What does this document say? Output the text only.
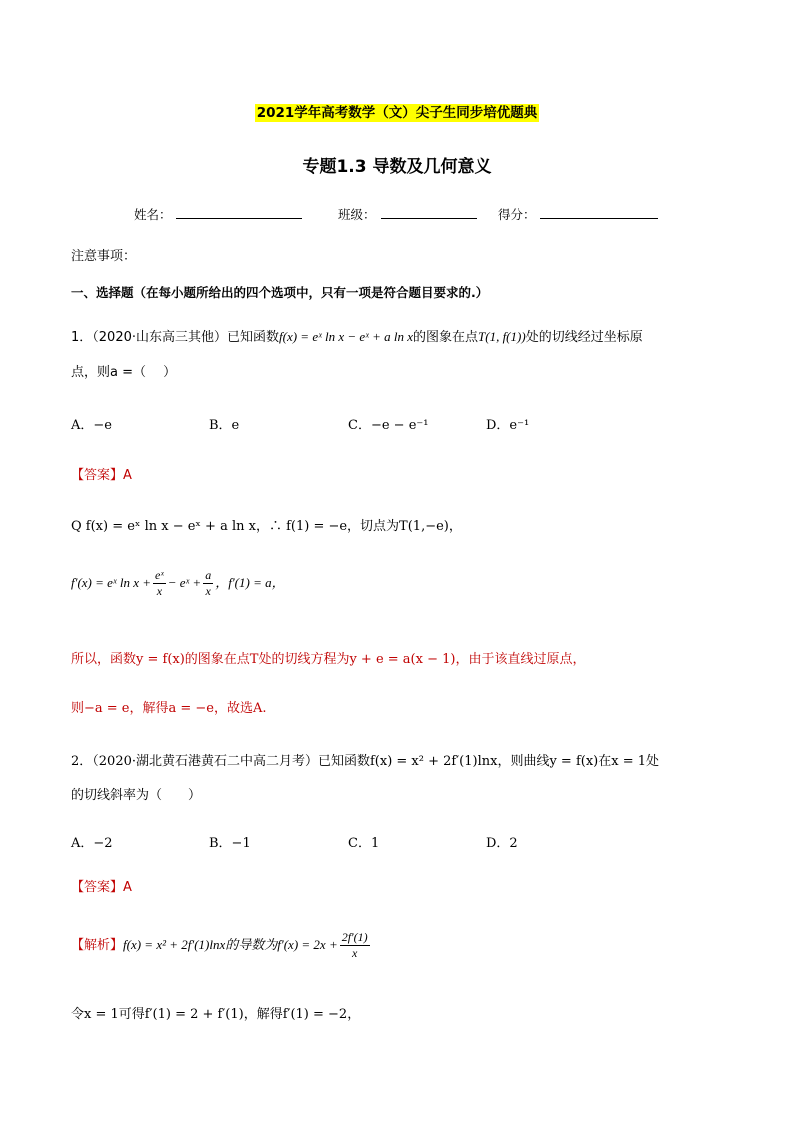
2021学年高考数学（文）尖子生同步培优题典
专题1.3 导数及几何意义
姓名：	班级：	得分：
注意事项：
一、选择题（在每小题所给出的四个选项中，只有一项是符合题目要求的.）
1．（2020·山东高三其他）已知函数f(x) = eˣ ln x − eˣ + a ln x的图象在点T(1, f(1))处的切线经过坐标原
点，则a =（　 ）
A．−e	B．e	C．−e − e⁻¹	D．e⁻¹
【答案】A
Q f(x) = eˣ ln x − eˣ + a ln x，∴ f(1) = −e，切点为T(1,−e)，
f′(x) = eˣ $\ln x + \frac{\text{eˣ}}{x}$ − eˣ + $\frac{a}{x}$ ，f′(1) = a，
所以，函数y = f(x)的图象在点T处的切线方程为y + e = a(x − 1)，由于该直线过原点，
则−a = e，解得a = −e，故选A.
2．（2020·湖北黄石港黄石二中高二月考）已知函数f(x) = x² + 2f′(1)lnx，则曲线y = f(x)在x = 1处
的切线斜率为（　　）
A．−2	B．−1	C．1	D．2
【答案】A
【解析】f(x) = x² + 2f′(1)lnx的导数为$f'(x) = 2x + \frac{2f'(1)}{x}$
令x = 1可得f′(1) = 2 + f′(1)，解得f′(1) = −2，
